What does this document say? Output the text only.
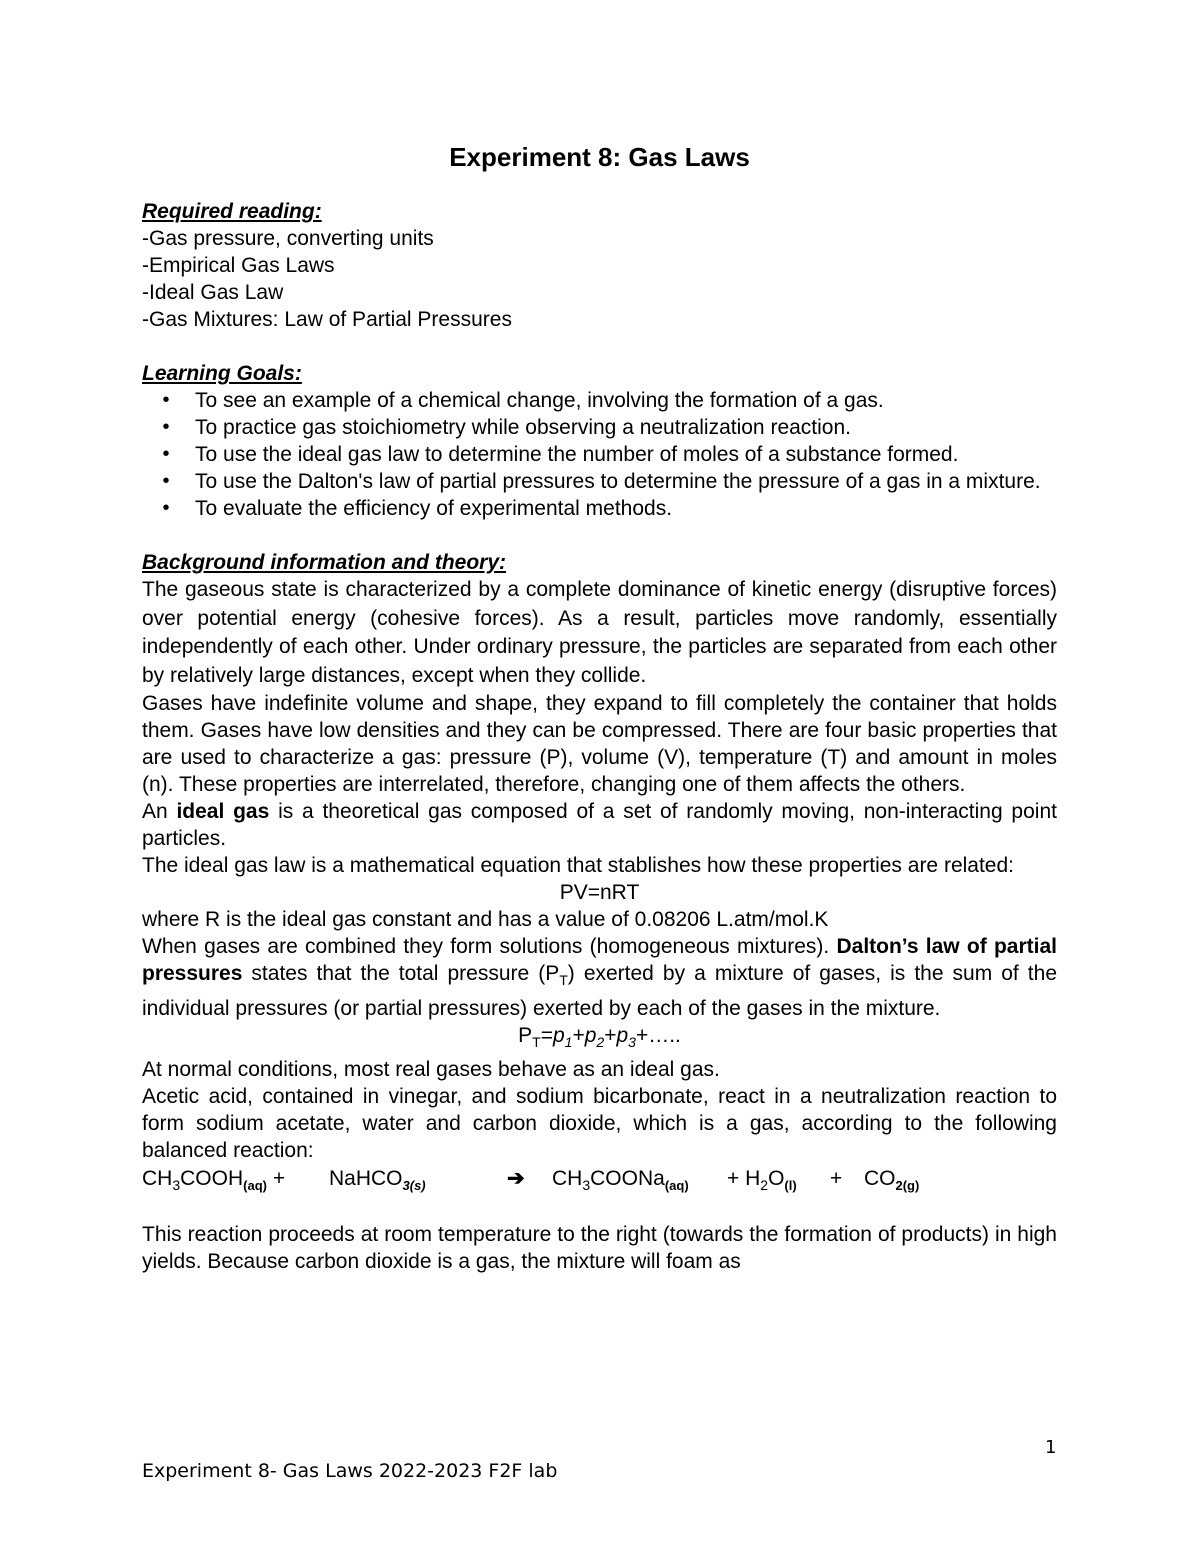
Experiment 8: Gas Laws

Required reading:

-Gas pressure, converting units

-Empirical Gas Laws

-Ideal Gas Law

-Gas Mixtures: Law of Partial Pressures

Learning Goals:

•	To see an example of a chemical change, involving the formation of a gas.
•	To practice gas stoichiometry while observing a neutralization reaction.
•	To use the ideal gas law to determine the number of moles of a substance formed.
•	To use the Dalton's law of partial pressures to determine the pressure of a gas in a mixture.
•	To evaluate the efficiency of experimental methods.

Background information and theory:

The gaseous state is characterized by a complete dominance of kinetic energy (disruptive forces) over potential energy (cohesive forces). As a result, particles move randomly, essentially independently of each other. Under ordinary pressure, the particles are separated from each other by relatively large distances, except when they collide.

Gases have indefinite volume and shape, they expand to fill completely the container that holds them. Gases have low densities and they can be compressed. There are four basic properties that are used to characterize a gas: pressure (P), volume (V), temperature (T) and amount in moles (n). These properties are interrelated, therefore, changing one of them affects the others.

An ideal gas is a theoretical gas composed of a set of randomly moving, non-interacting point particles.

The ideal gas law is a mathematical equation that stablishes how these properties are related:

PV=nRT

where R is the ideal gas constant and has a value of 0.08206 L.atm/mol.K

When gases are combined they form solutions (homogeneous mixtures). Dalton’s law of partial pressures states that the total pressure $(P_T)$ exerted by a mixture of gases, is the sum of the individual pressures (or partial pressures) exerted by each of the gases in the mixture.

$P_T=p_1+p_2+p_3+\dots$..

At normal conditions, most real gases behave as an ideal gas.

Acetic acid, contained in vinegar, and sodium bicarbonate, react in a neutralization reaction to form sodium acetate, water and carbon dioxide, which is a gas, according to the following balanced reaction:

$CH_3COOH_{(aq)}$ + NaHCO$_{3(s)}$	➔ $CH_3COONa_{(aq)} + H_2O_{(l)} + CO_{2(g)}$

This reaction proceeds at room temperature to the right (towards the formation of products) in high yields. Because carbon dioxide is a gas, the mixture will foam as

1
Experiment 8- Gas Laws 2022-2023 F2F lab
